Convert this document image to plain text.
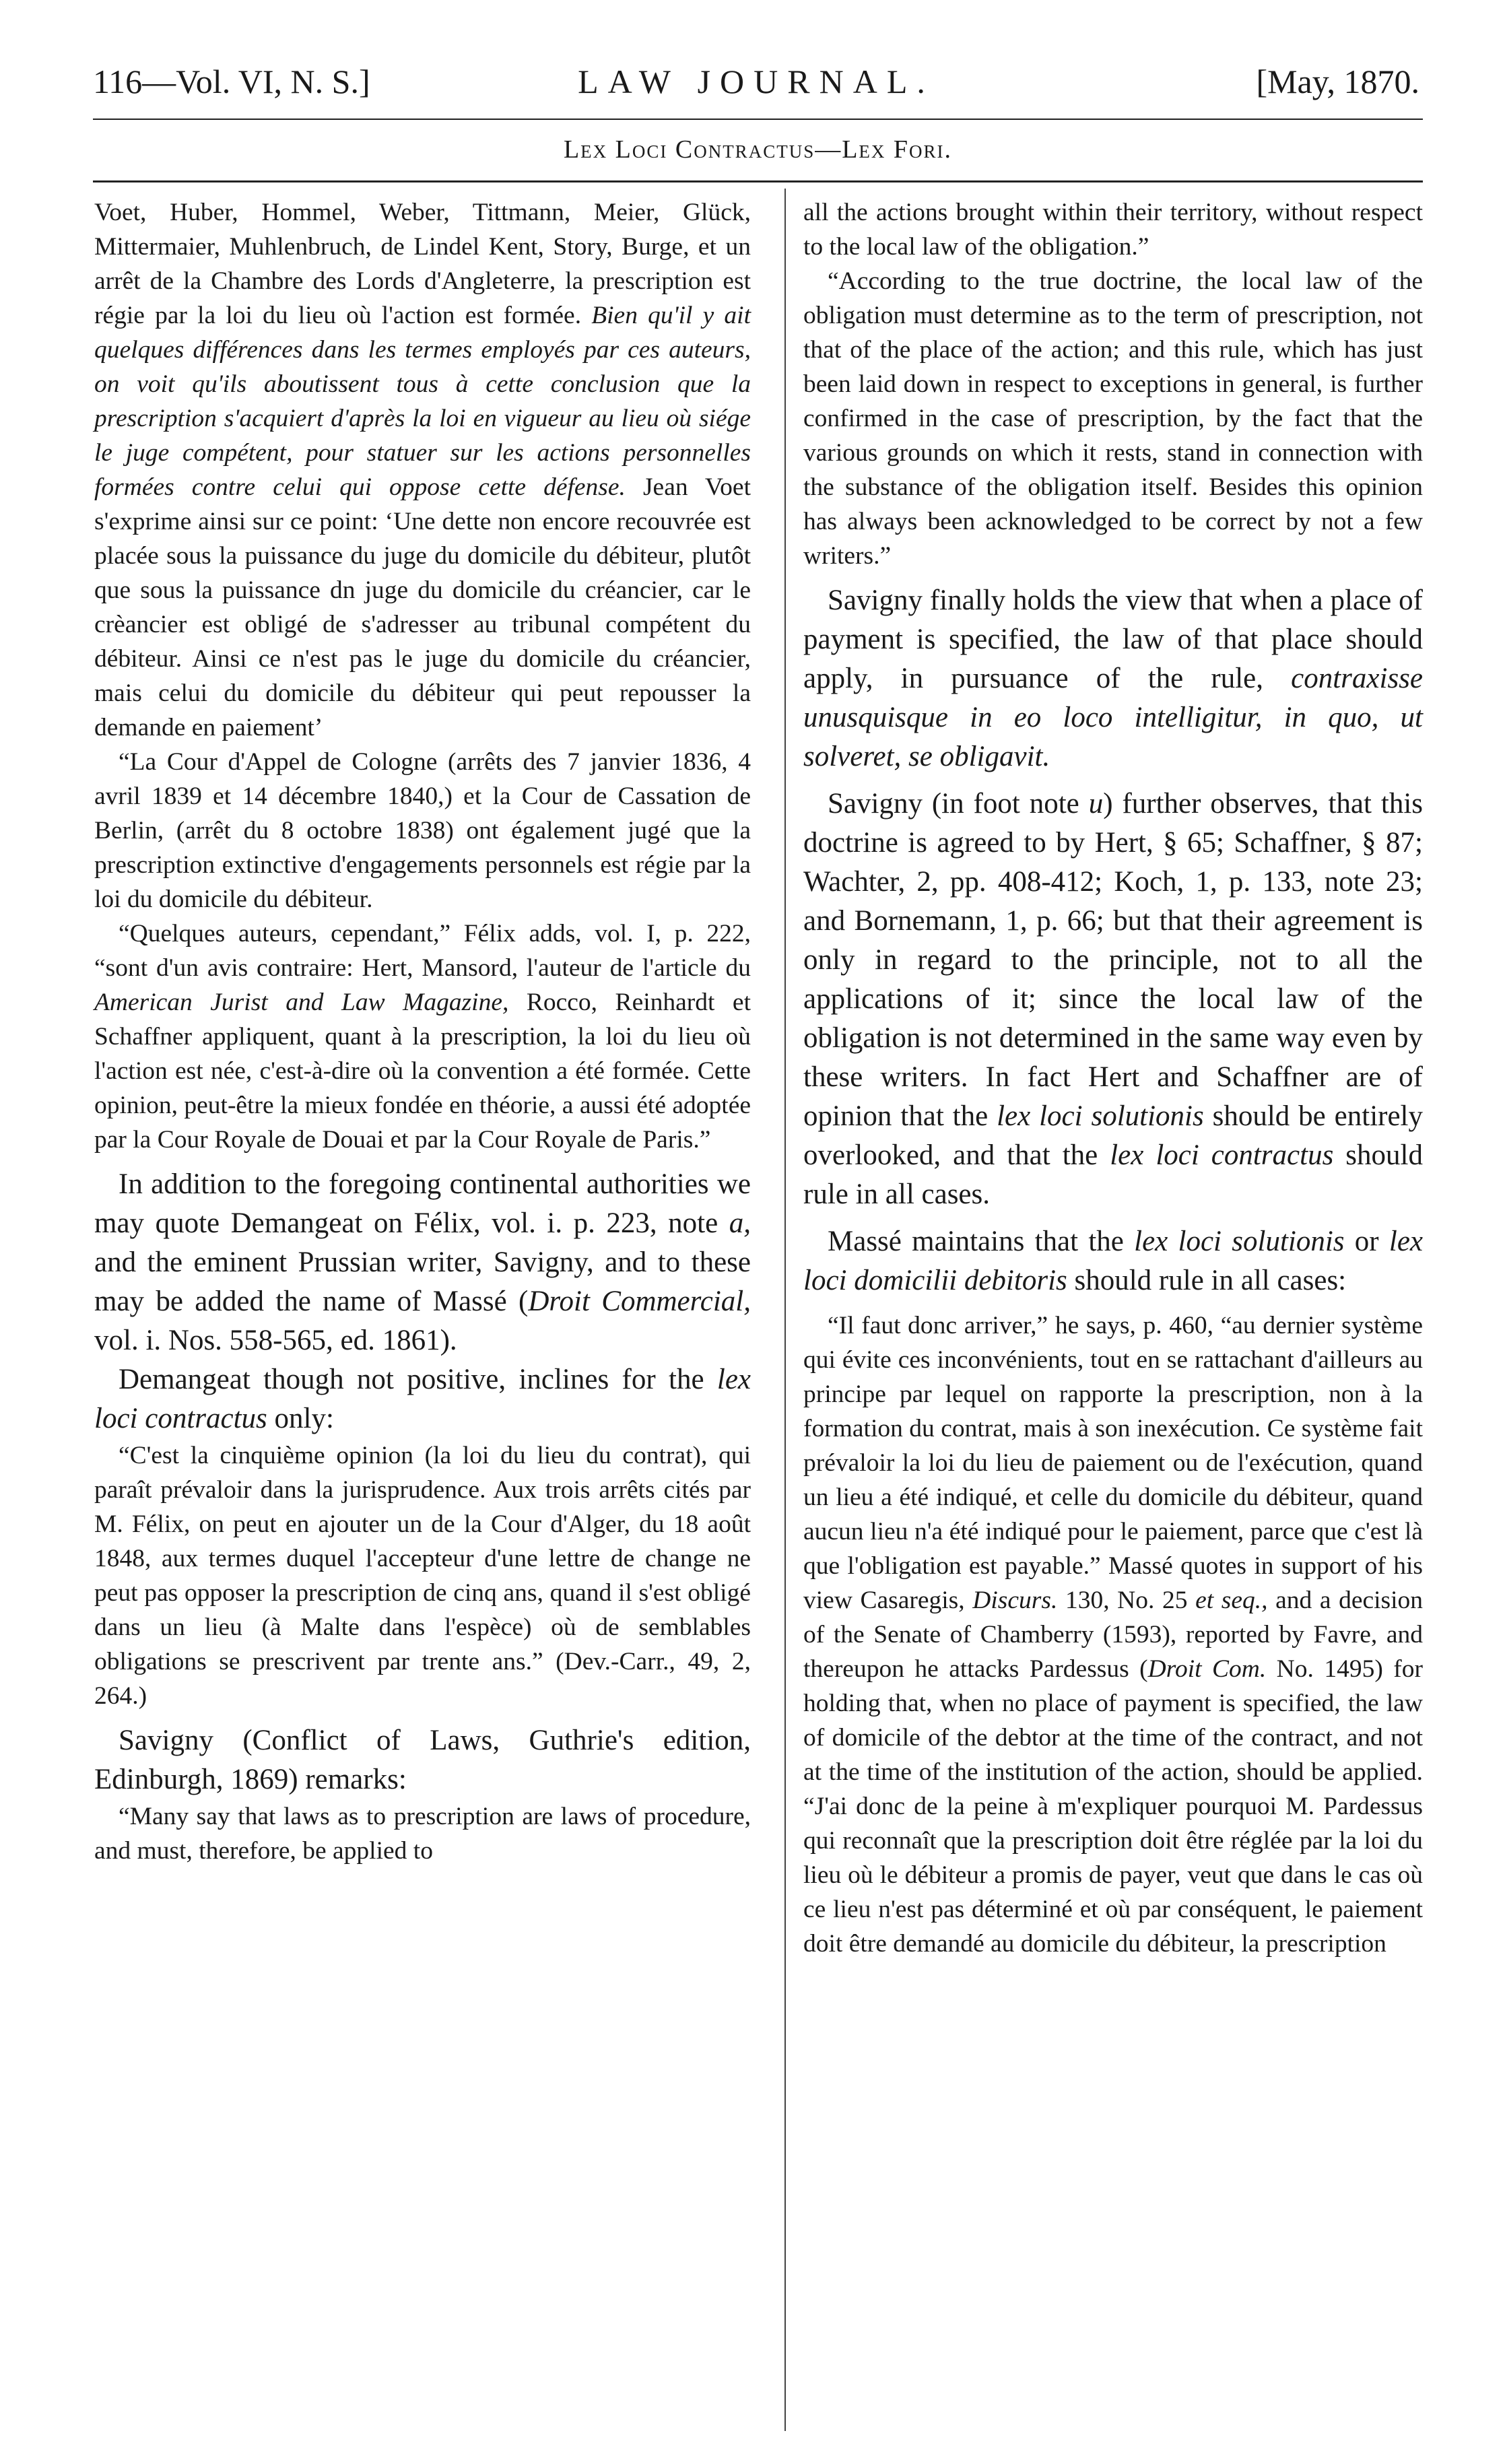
116—Vol. VI, N. S.]	LAW JOURNAL.	[May, 1870.
Lex Loci Contractus—Lex Fori.

Voet, Huber, Hommel, Weber, Tittmann, Meier, Glück, Mittermaier, Muhlenbruch, de Lindel Kent, Story, Burge, et un arrêt de la Chambre des Lords d'Angleterre, la prescription est régie par la loi du lieu où l'action est formée. Bien qu'il y ait quelques différences dans les termes employés par ces auteurs, on voit qu'ils aboutissent tous à cette conclusion que la prescription s'acquiert d'après la loi en vigueur au lieu où siége le juge compétent, pour statuer sur les actions personnelles formées contre celui qui oppose cette défense. Jean Voet s'exprime ainsi sur ce point: ‘Une dette non encore recouvrée est placée sous la puissance du juge du domicile du débiteur, plutôt que sous la puissance dn juge du domicile du créancier, car le crèancier est obligé de s'adresser au tribunal compétent du débiteur. Ainsi ce n'est pas le juge du domicile du créancier, mais celui du domicile du débiteur qui peut repousser la demande en paiement’

“La Cour d'Appel de Cologne (arrêts des 7 janvier 1836, 4 avril 1839 et 14 décembre 1840,) et la Cour de Cassation de Berlin, (arrêt du 8 octobre 1838) ont également jugé que la prescription extinctive d'engagements personnels est régie par la loi du domicile du débiteur.

“Quelques auteurs, cependant,” Félix adds, vol. I, p. 222, “sont d'un avis contraire: Hert, Mansord, l'auteur de l'article du American Jurist and Law Magazine, Rocco, Reinhardt et Schaffner appliquent, quant à la prescription, la loi du lieu où l'action est née, c'est-à-dire où la convention a été formée. Cette opinion, peut-être la mieux fondée en théorie, a aussi été adoptée par la Cour Royale de Douai et par la Cour Royale de Paris.”

In addition to the foregoing continental authorities we may quote Demangeat on Félix, vol. i. p. 223, note a, and the eminent Prussian writer, Savigny, and to these may be added the name of Massé (Droit Commercial, vol. i. Nos. 558-565, ed. 1861).

Demangeat though not positive, inclines for the lex loci contractus only:

“C'est la cinquième opinion (la loi du lieu du contrat), qui paraît prévaloir dans la jurisprudence. Aux trois arrêts cités par M. Félix, on peut en ajouter un de la Cour d'Alger, du 18 août 1848, aux termes duquel l'accepteur d'une lettre de change ne peut pas opposer la prescription de cinq ans, quand il s'est obligé dans un lieu (à Malte dans l'espèce) où de semblables obligations se prescrivent par trente ans.” (Dev.-Carr., 49, 2, 264.)

Savigny (Conflict of Laws, Guthrie's edition, Edinburgh, 1869) remarks:

“Many say that laws as to prescription are laws of procedure, and must, therefore, be applied to

all the actions brought within their territory, without respect to the local law of the obligation.”

“According to the true doctrine, the local law of the obligation must determine as to the term of prescription, not that of the place of the action; and this rule, which has just been laid down in respect to exceptions in general, is further confirmed in the case of prescription, by the fact that the various grounds on which it rests, stand in connection with the substance of the obligation itself. Besides this opinion has always been acknowledged to be correct by not a few writers.”

Savigny finally holds the view that when a place of payment is specified, the law of that place should apply, in pursuance of the rule, contraxisse unusquisque in eo loco intelligitur, in quo, ut solveret, se obligavit.

Savigny (in foot note u) further observes, that this doctrine is agreed to by Hert, § 65; Schaffner, § 87; Wachter, 2, pp. 408-412; Koch, 1, p. 133, note 23; and Bornemann, 1, p. 66; but that their agreement is only in regard to the principle, not to all the applications of it; since the local law of the obligation is not determined in the same way even by these writers. In fact Hert and Schaffner are of opinion that the lex loci solutionis should be entirely overlooked, and that the lex loci contractus should rule in all cases.

Massé maintains that the lex loci solutionis or lex loci domicilii debitoris should rule in all cases:

“Il faut donc arriver,” he says, p. 460, “au dernier système qui évite ces inconvénients, tout en se rattachant d'ailleurs au principe par lequel on rapporte la prescription, non à la formation du contrat, mais à son inexécution. Ce système fait prévaloir la loi du lieu de paiement ou de l'exécution, quand un lieu a été indiqué, et celle du domicile du débiteur, quand aucun lieu n'a été indiqué pour le paiement, parce que c'est là que l'obligation est payable.” Massé quotes in support of his view Casaregis, Discurs. 130, No. 25 et seq., and a decision of the Senate of Chamberry (1593), reported by Favre, and thereupon he attacks Pardessus (Droit Com. No. 1495) for holding that, when no place of payment is specified, the law of domicile of the debtor at the time of the contract, and not at the time of the institution of the action, should be applied. “J'ai donc de la peine à m'expliquer pourquoi M. Pardessus qui reconnaît que la prescription doit être réglée par la loi du lieu où le débiteur a promis de payer, veut que dans le cas où ce lieu n'est pas déterminé et où par conséquent, le paiement doit être demandé au domicile du débiteur, la prescription
